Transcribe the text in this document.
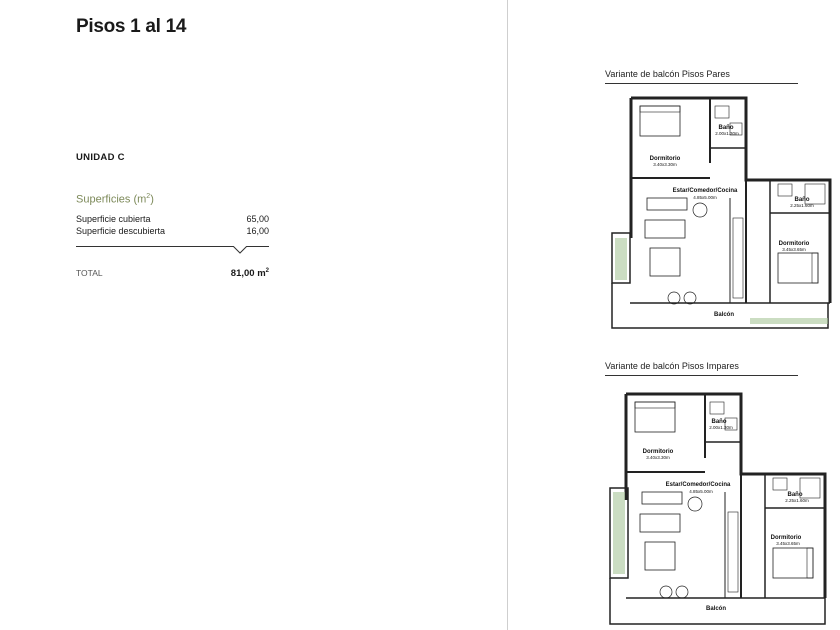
Pisos 1 al 14
UNIDAD C
Superficies $(m^2)$
Superficie cubierta	65,00
Superficie descubierta	16,00
TOTAL	81,00 $m^2$
Variante de balcón Pisos Pares
Variante de balcón Pisos Impares
Dormitorio
3.40x3.30m
Baño
2.00x1.30m
Estar/Comedor/Cocina
4.85x5.00m	Baño
2.25x1.60m
Dormitorio
3.45x3.65m
Balcón
Dormitorio
3.40x3.30m
Baño
2.00x1.30m
Estar/Comedor/Cocina
4.85x5.00m
Baño
2.25x1.60m
Dormitorio
3.45x3.65m
Balcón
